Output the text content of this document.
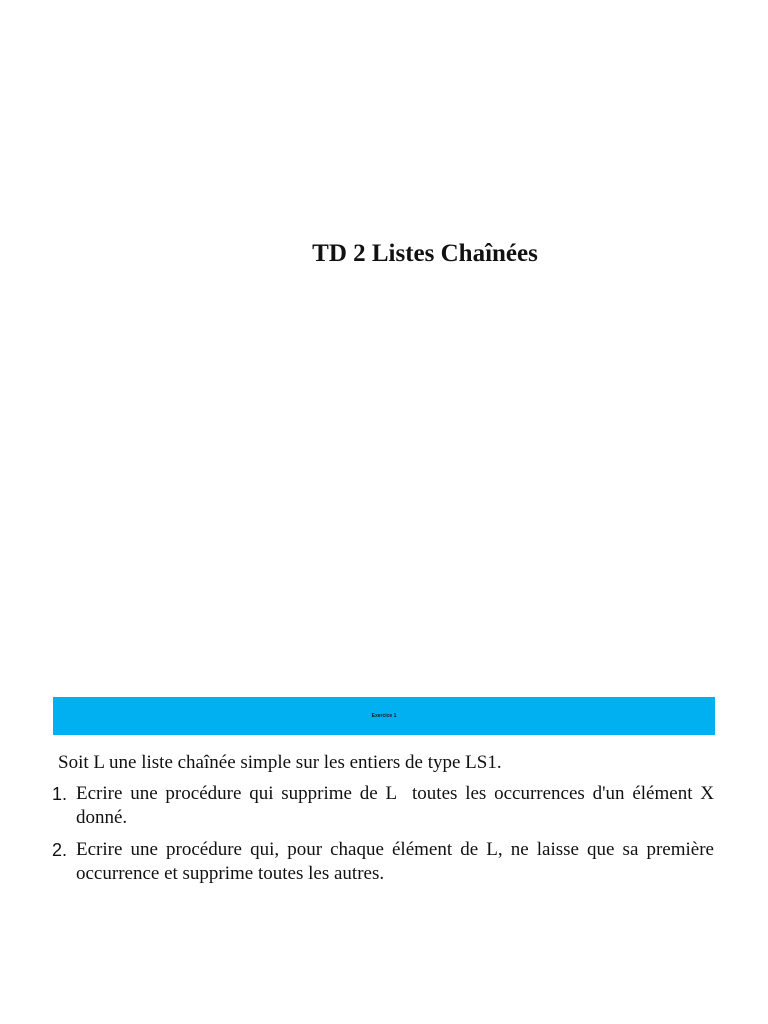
TD 2 Listes Chaînées
Exercice 1

Soit L une liste chaînée simple sur les entiers de type LS1.

1. Ecrire une procédure qui supprime de L  toutes les occurrences d'un élément X  donné.
2. Ecrire une procédure qui, pour chaque élément de L, ne laisse que sa première occurrence et supprime toutes les autres.
